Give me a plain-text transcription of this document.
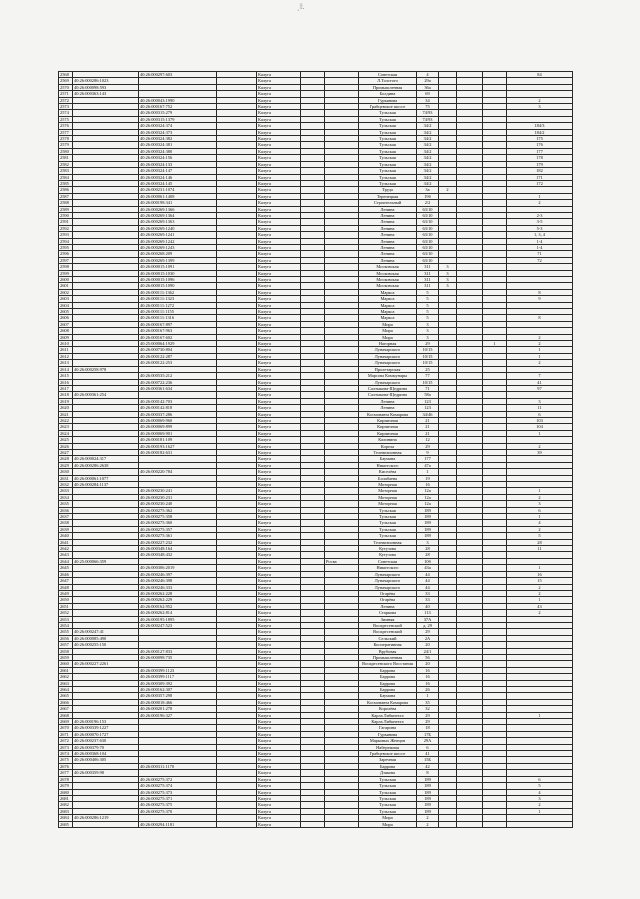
ˏ⁝⁞.
2568		40:26:000297:603		Калуга			Советская	4				84
2569	40:26:000286:1023			Калуга			Л.Толстого	29а				
2570	40:26:000098:593			Калуга			Промышленная	36а				
2571	40:26:000363:143			Калуга			Болдина	69				
2572		40:26:000043:1990		Калуга			Гурьянова	34				2
2573		40:26:000167:752		Калуга			Грабцевское шоссе	75				3
2574		40:26:000315:279		Калуга			Тульская	74/93				
2575		40:26:000315:1379		Калуга			Тульская	74/93				
2576		40:26:000324:374		Калуга			Тульская	34/2				184/3
2577		40:26:000324:373		Калуга			Тульская	34/2				184/2
2578		40:26:000324:382		Калуга			Тульская	34/2				175
2579		40:26:000324:381		Калуга			Тульская	34/2				176
2580		40:26:000324:380		Калуга			Тульская	34/2				177
2581		40:26:000324:156		Калуга			Тульская	34/2				178
2582		40:26:000324:133		Калуга			Тульская	34/2				179
2583		40:26:000324:147		Калуга			Тульская	34/2				182
2584		40:26:000324:146		Калуга			Тульская	34/2				171
2585		40:26:000324:145		Калуга			Тульская	34/2				172
2586		40:26:000231:1074		Калуга			Труда	3а	2			
2587		40:26:000061:1408		Калуга			Терепецкая	19б				1
2588		40:26:000198:341		Калуга			Строительный	2/2				2
2589		40:26:000269:1366		Калуга			Ленина	63/10				
2590		40:26:000269:1364		Калуга			Ленина	63/10				2-3
2591		40:26:000269:1363		Калуга			Ленина	63/10				3-5
2592		40:26:000269:1240		Калуга			Ленина	63/10				5-3
2593		40:26:000269:1241		Калуга			Ленина	63/10				1, 3, 4
2594		40:26:000269:1242		Калуга			Ленина	63/10				1-4
2595		40:26:000269:1243		Калуга			Ленина	63/10				1-4
2596		40:26:000268:209		Калуга			Ленина	63/10				71
2597		40:26:000269:1399		Калуга			Ленина	63/10				72
2598		40:26:000015:1091		Калуга			Московская	311	3			
2599		40:26:000015:1030		Калуга			Московская	311	3			
2600		40:26:000015:1096		Калуга			Московская	311	3			
2601		40:26:000015:1090		Калуга			Московская	311	3			
2602		40:26:000111:1362		Калуга			Маркса	5				8
2603		40:26:000111:1323		Калуга			Маркса	5				9
2604		40:26:000111:1272		Калуга			Маркса	5				
2605		40:26:000111:1155		Калуга			Маркса	5				
2606		40:26:000111:1316		Калуга			Маркса	5				8
2607		40:26:000167:897		Калуга			Мира	3				
2608		40:26:000167:963		Калуга			Мира	3				
2609		40:26:000167:602		Калуга			Мира	3				2
2610		40:25:000064:1929		Калуга			Нагорная	29			1	2
2611		40:26:000730:804		Калуга			Луначарского	10/15				1
2612		40:26:000122:287		Калуга			Луначарского	10/15				1
2613		40:26:000122:253		Калуга			Луначарского	10/15				2
2614	40:26:000258:978			Калуга			Пролетарская	25				
2615		40:26:000535:212		Калуга			Марсова Коммунары	77				7
2616		40:26:000722:236		Калуга			Луначарского	10/15				41
2617		40:26:000361:634		Калуга			Салтыкова-Щедрина	71				97
2618	40:26:000361:254			Калуга			Салтыкова-Щедрина	58а				
2619		40:26:000142:703		Калуга			Ленина	123				3
2620		40:26:000142:818		Калуга			Ленина	123				11
2621		40:26:000337:286		Калуга			Космонавта Комарова	34/46				6
2622		40:26:000069:960		Калуга			Кирпичная	21				103
2623		40:26:000069:899		Калуга			Кирпичная	21				104
2624		40:26:000069:901		Калуга			Кирпичная	21				1
2625		40:26:000181:109		Калуга			Калинина	12				
2626		40:26:000193:1627		Калуга			Корела	29				2
2627		40:26:000182:631		Калуга			Телевизионная	9				39
2628	40:26:000024:317			Калуга			Баумана	177				
2629	40:26:000286:2638			Калуга			Никитского	47а				
2630		40:26:000220:784		Калуга			Киселёва	1				
2631	40:26:000061:1077			Калуга			Болабаева	19				
2632	40:26:000284:1137			Калуга			Моторная	16				
2633		40:26:000230:241		Калуга			Моторная	12а				1
2634		40:26:000230:231		Калуга			Моторная	12а				2
2635		40:26:000230:240		Калуга			Моторная	12а				3
2636		40:26:000275:362		Калуга			Тульская	189				6
2637		40:26:000275:358		Калуга			Тульская	189				1
2638		40:26:000275:360		Калуга			Тульская	189				4
2639		40:26:000275:357		Калуга			Тульская	189				2
2640		40:26:000275:361		Калуга			Тульская	189				5
2641		40:26:000227:232		Калуга			Телевизионная	3				28
2642		40:26:000348:164		Калуга			Кутузова	28				11
2643		40:26:000348:432		Калуга			Кутузова	28				
2644	40:25:000066:359			Калуга		Росва	Советская	10б				
2645		40:26:000306:2019		Калуга			Никитского	43а				1
2646		40:26:000246:397		Калуга			Луначарского	44				16
2647		40:26:000246:398		Калуга			Луначарского	44				15
2648		40:26:000246:333		Калуга			Луначарского	44				2
2649		40:26:000262:228		Калуга			Огарёва	33				2
2650		40:26:000262:229		Калуга			Огарёва	33				1
2651		40:26:000162:952		Калуга			Ленина	40				43
2652		40:26:000262:814		Калуга			Старкова	113				2
2653		40:26:000195:1895		Калуга			Зимняя	37А				
2654		40:26:000247:523		Калуга			Воскресенский	д. 29				
2655	40:26:000247:41			Калуга			Воскресенский	29				
2656	40:26:000085:490			Калуга			Сельский	2А				
2657	40:26:000255:150			Калуга			Кооперативная	20				
2658		40:26:000127:833		Калуга			Врубовая	24/1				
2659		40:26:000098:735		Калуга			Промышленная	56				
2660	40:26:000227:2261			Калуга			Воскресенского Восстания	20				
2661		40:26:000399:1123		Калуга			Баррова	16				
2662		40:26:000399:1117		Калуга			Баррова	16				
2663		40:26:000309:392		Калуга			Баррова	16				
2664		40:26:000162:307		Калуга			Баррова	26				
2665		40:26:000357:298		Калуга			Баумана	1				
2666		40:26:000018:466		Калуга			Космонавта Комарова	35				
2667		40:26:000201:278		Калуга			Королёва	32				
2668		40:26:000196:327		Калуга			Карла Либкнехта	29				1
2669	40:26:000196:153			Калуга			Карла Либкнехта	29				
2670	40:26:000339:1227			Калуга			Гагарина	18				
2671	40:26:000070:1727			Калуга			Гурьянова	17Б				
2672	40:26:000237:630			Калуга			Марковых Жнецов	29А				
2673	40:26:000379:70			Калуга			Набережная	6				
2674	40:26:000368:104			Калуга			Грабцевское шоссе	41				
2675	40:26:000406:305			Калуга			Заречная	15Б				
2676		40:26:000311:1170		Калуга			Баррова	42				
2677	40:26:000359:98			Калуга			Дзякова	8				
2678		40:26:000275:372		Калуга			Тульская	189				6
2679		40:26:000275:374		Калуга			Тульская	189				5
2680		40:26:000275:373		Калуга			Тульская	189				4
2681		40:26:000275:371		Калуга			Тульская	189				3
2682		40:26:000275:375		Калуга			Тульская	189				2
2683		40:26:000275:370		Калуга			Тульская	189				1
2684	40:26:000286:1219			Калуга			Мира	2				
2685		40:26:000294:1181		Калуга			Мира	2				
